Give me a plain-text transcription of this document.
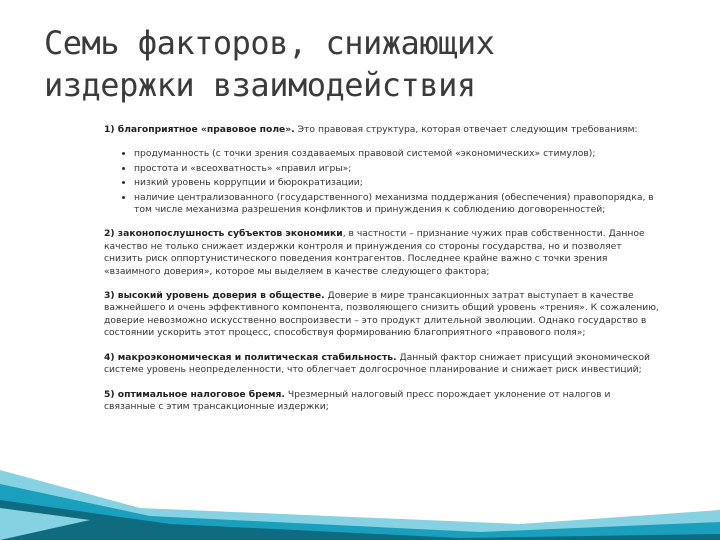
Семь факторов, снижающих
издержки взаимодействия

1) благоприятное «правовое поле». Это правовая структура, которая отвечает следующим требованиям:

• продуманность (с точки зрения создаваемых правовой системой «экономических» стимулов);
• простота и «всеохватность» «правил игры»;
• низкий уровень коррупции и бюрократизации;
• наличие централизованного (государственного) механизма поддержания (обеспечения) правопорядка, в том числе механизма разрешения конфликтов и принуждения к соблюдению договоренностей;

2) законопослушность субъектов экономики, в частности – признание чужих прав собственности. Данное качество не только снижает издержки контроля и принуждения со стороны государства, но и позволяет снизить риск оппортунистического поведения контрагентов. Последнее крайне важно с точки зрения «взаимного доверия», которое мы выделяем в качестве следующего фактора;

3) высокий уровень доверия в обществе. Доверие в мире трансакционных затрат выступает в качестве важнейшего и очень эффективного компонента, позволяющего снизить общий уровень «трения». К сожалению, доверие невозможно искусственно воспроизвести – это продукт длительной эволюции. Однако государство в состоянии ускорить этот процесс, способствуя формированию благоприятного «правового поля»;

4) макроэкономическая и политическая стабильность. Данный фактор снижает присущий экономической системе уровень неопределенности, что облегчает долгосрочное планирование и снижает риск инвестиций;

5) оптимальное налоговое бремя. Чрезмерный налоговый пресс порождает уклонение от налогов и связанные с этим трансакционные издержки;
